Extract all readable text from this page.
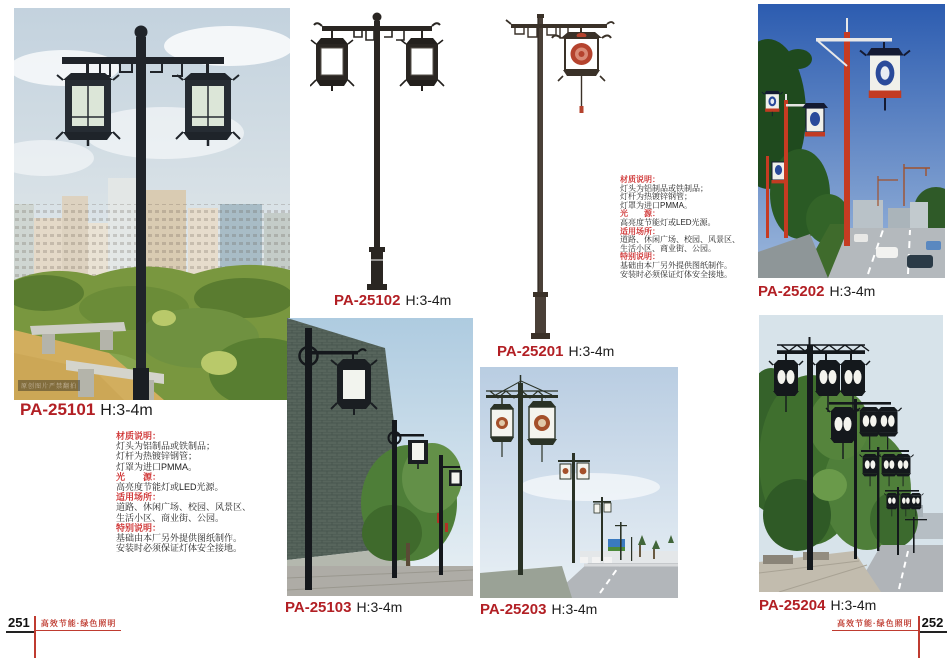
原创图片严禁翻拍
PA-25101 H:3-4m
材质说明：
灯头为铝制品或铁制品；
灯杆为热镀锌钢管；
灯罩为进口PMMA。
光　　源：
高亮度节能灯或LED光源。
适用场所：
道路、休闲广场、校园、风景区、
生活小区、商业街、公园。
特别说明：
基础由本厂另外提供图纸制作。
安装时必须保证灯体安全接地。
PA-25102 H:3-4m
PA-25103 H:3-4m
PA-25201 H:3-4m
材质说明：
灯头为铝制品或铁制品；
灯杆为热镀锌钢管；
灯罩为进口PMMA。
光　　源：
高亮度节能灯或LED光源。
适用场所：
道路、休闲广场、校园、风景区、
生活小区、商业街、公园。
特别说明：
基础由本厂另外提供图纸制作。
安装时必须保证灯体安全接地。
PA-25203 H:3-4m
PA-25202 H:3-4m
PA-25204 H:3-4m
251	高效节能·绿色照明	高效节能·绿色照明 252
